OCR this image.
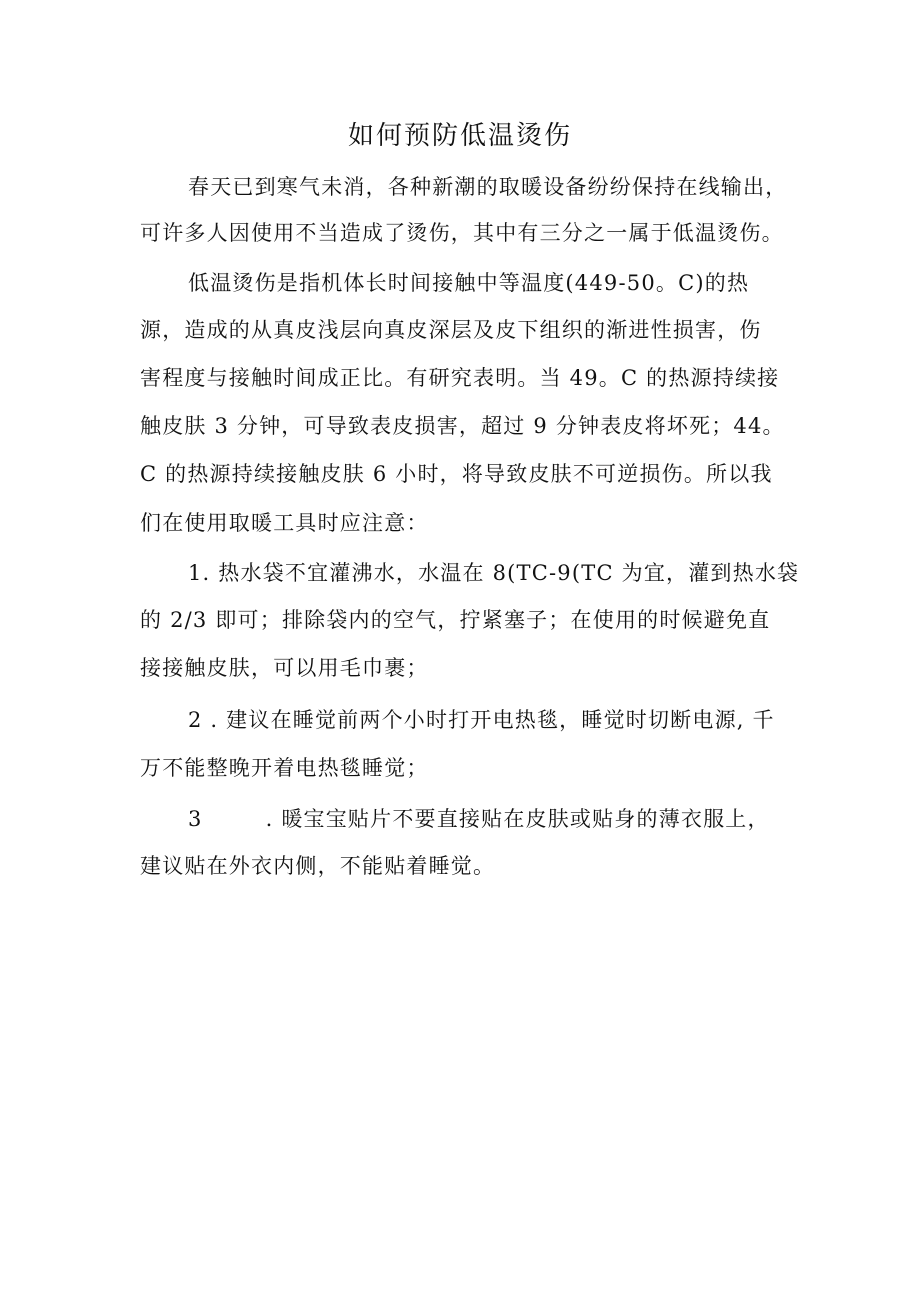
如何预防低温烫伤
春天已到寒气未消，各种新潮的取暖设备纷纷保持在线输出，
可许多人因使用不当造成了烫伤，其中有三分之一属于低温烫伤。
低温烫伤是指机体长时间接触中等温度(449-50。C)的热
源，造成的从真皮浅层向真皮深层及皮下组织的渐进性损害，伤
害程度与接触时间成正比。有研究表明。当 49。C 的热源持续接
触皮肤 3 分钟，可导致表皮损害，超过 9 分钟表皮将坏死；44。
C 的热源持续接触皮肤 6 小时，将导致皮肤不可逆损伤。所以我
们在使用取暖工具时应注意：
1. 热水袋不宜灌沸水，水温在 8(TC-9(TC 为宜，灌到热水袋
的 2/3 即可；排除袋内的空气，拧紧塞子；在使用的时候避免直
接接触皮肤，可以用毛巾裹；
2 . 建议在睡觉前两个小时打开电热毯，睡觉时切断电源, 千
万不能整晚开着电热毯睡觉；
3        . 暖宝宝贴片不要直接贴在皮肤或贴身的薄衣服上，
建议贴在外衣内侧，不能贴着睡觉。
